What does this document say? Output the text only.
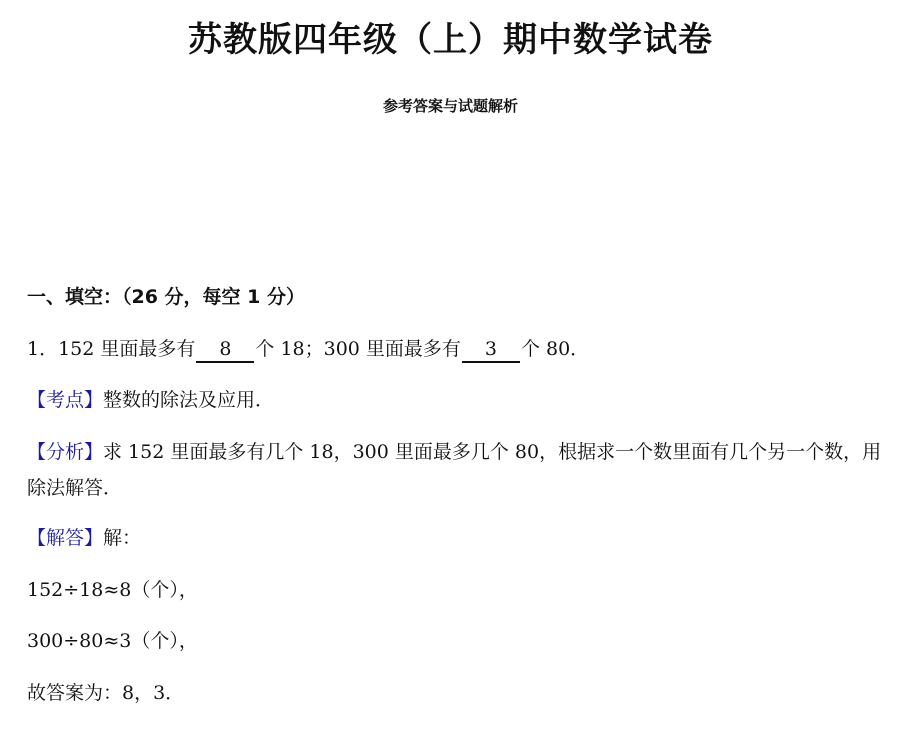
苏教版四年级（上）期中数学试卷
参考答案与试题解析
一、填空：（26 分，每空 1 分）
1．152 里面最多有 8 个 18；300 里面最多有 3 个 80．
【考点】整数的除法及应用．
【分析】求 152 里面最多有几个 18，300 里面最多几个 80，根据求一个数里面有几个另一个数，用除法解答．
【解答】解：
152÷18≈8（个），
300÷80≈3（个），
故答案为：8，3．
